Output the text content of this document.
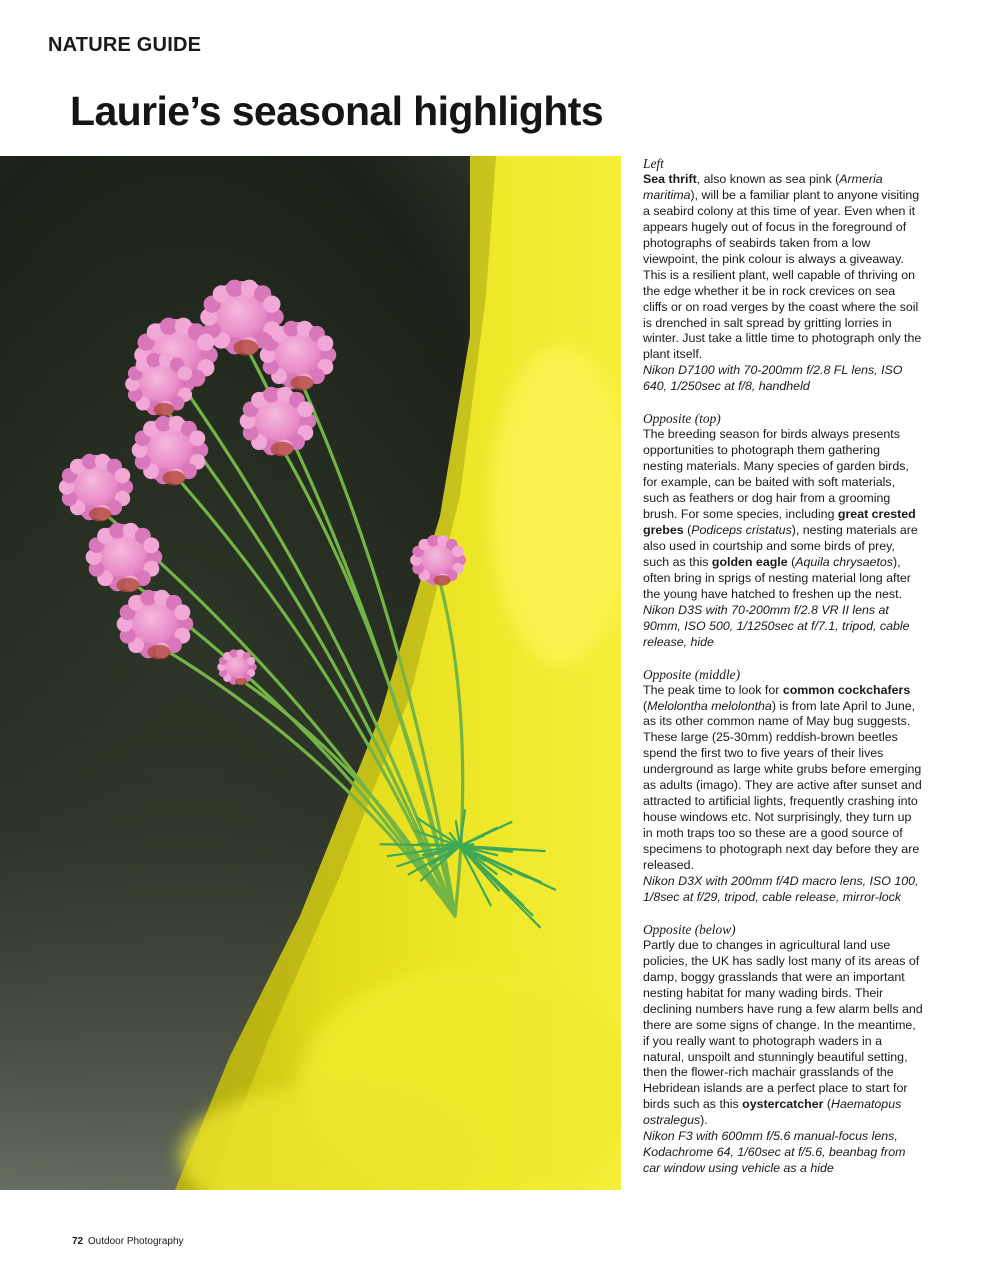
NATURE GUIDE
Laurie’s seasonal highlights
Left
Sea thrift, also known as sea pink (Armeria maritima), will be a familiar plant to anyone visiting a seabird colony at this time of year. Even when it appears hugely out of focus in the foreground of photographs of seabirds taken from a low viewpoint, the pink colour is always a giveaway. This is a resilient plant, well capable of thriving on the edge whether it be in rock crevices on sea cliffs or on road verges by the coast where the soil is drenched in salt spread by gritting lorries in winter. Just take a little time to photograph only the plant itself.
Nikon D7100 with 70-200mm f/2.8 FL lens, ISO 640, 1/250sec at f/8, handheld
Opposite (top)
The breeding season for birds always presents opportunities to photograph them gathering nesting materials. Many species of garden birds, for example, can be baited with soft materials, such as feathers or dog hair from a grooming brush. For some species, including great crested grebes (Podiceps cristatus), nesting materials are also used in courtship and some birds of prey, such as this golden eagle (Aquila chrysaetos), often bring in sprigs of nesting material long after the young have hatched to freshen up the nest.
Nikon D3S with 70-200mm f/2.8 VR II lens at 90mm, ISO 500, 1/1250sec at f/7.1, tripod, cable release, hide
Opposite (middle)
The peak time to look for common cockchafers (Melolontha melolontha) is from late April to June, as its other common name of May bug suggests. These large (25-30mm) reddish-brown beetles spend the first two to five years of their lives underground as large white grubs before emerging as adults (imago). They are active after sunset and attracted to artificial lights, frequently crashing into house windows etc. Not surprisingly, they turn up in moth traps too so these are a good source of specimens to photograph next day before they are released.
Nikon D3X with 200mm f/4D macro lens, ISO 100, 1/8sec at f/29, tripod, cable release, mirror-lock
Opposite (below)
Partly due to changes in agricultural land use policies, the UK has sadly lost many of its areas of damp, boggy grasslands that were an important nesting habitat for many wading birds. Their declining numbers have rung a few alarm bells and there are some signs of change. In the meantime, if you really want to photograph waders in a natural, unspoilt and stunningly beautiful setting, then the flower-rich machair grasslands of the Hebridean islands are a perfect place to start for birds such as this oystercatcher (Haematopus ostralegus).
Nikon F3 with 600mm f/5.6 manual-focus lens, Kodachrome 64, 1/60sec at f/5.6, beanbag from car window using vehicle as a hide
72 Outdoor Photography
